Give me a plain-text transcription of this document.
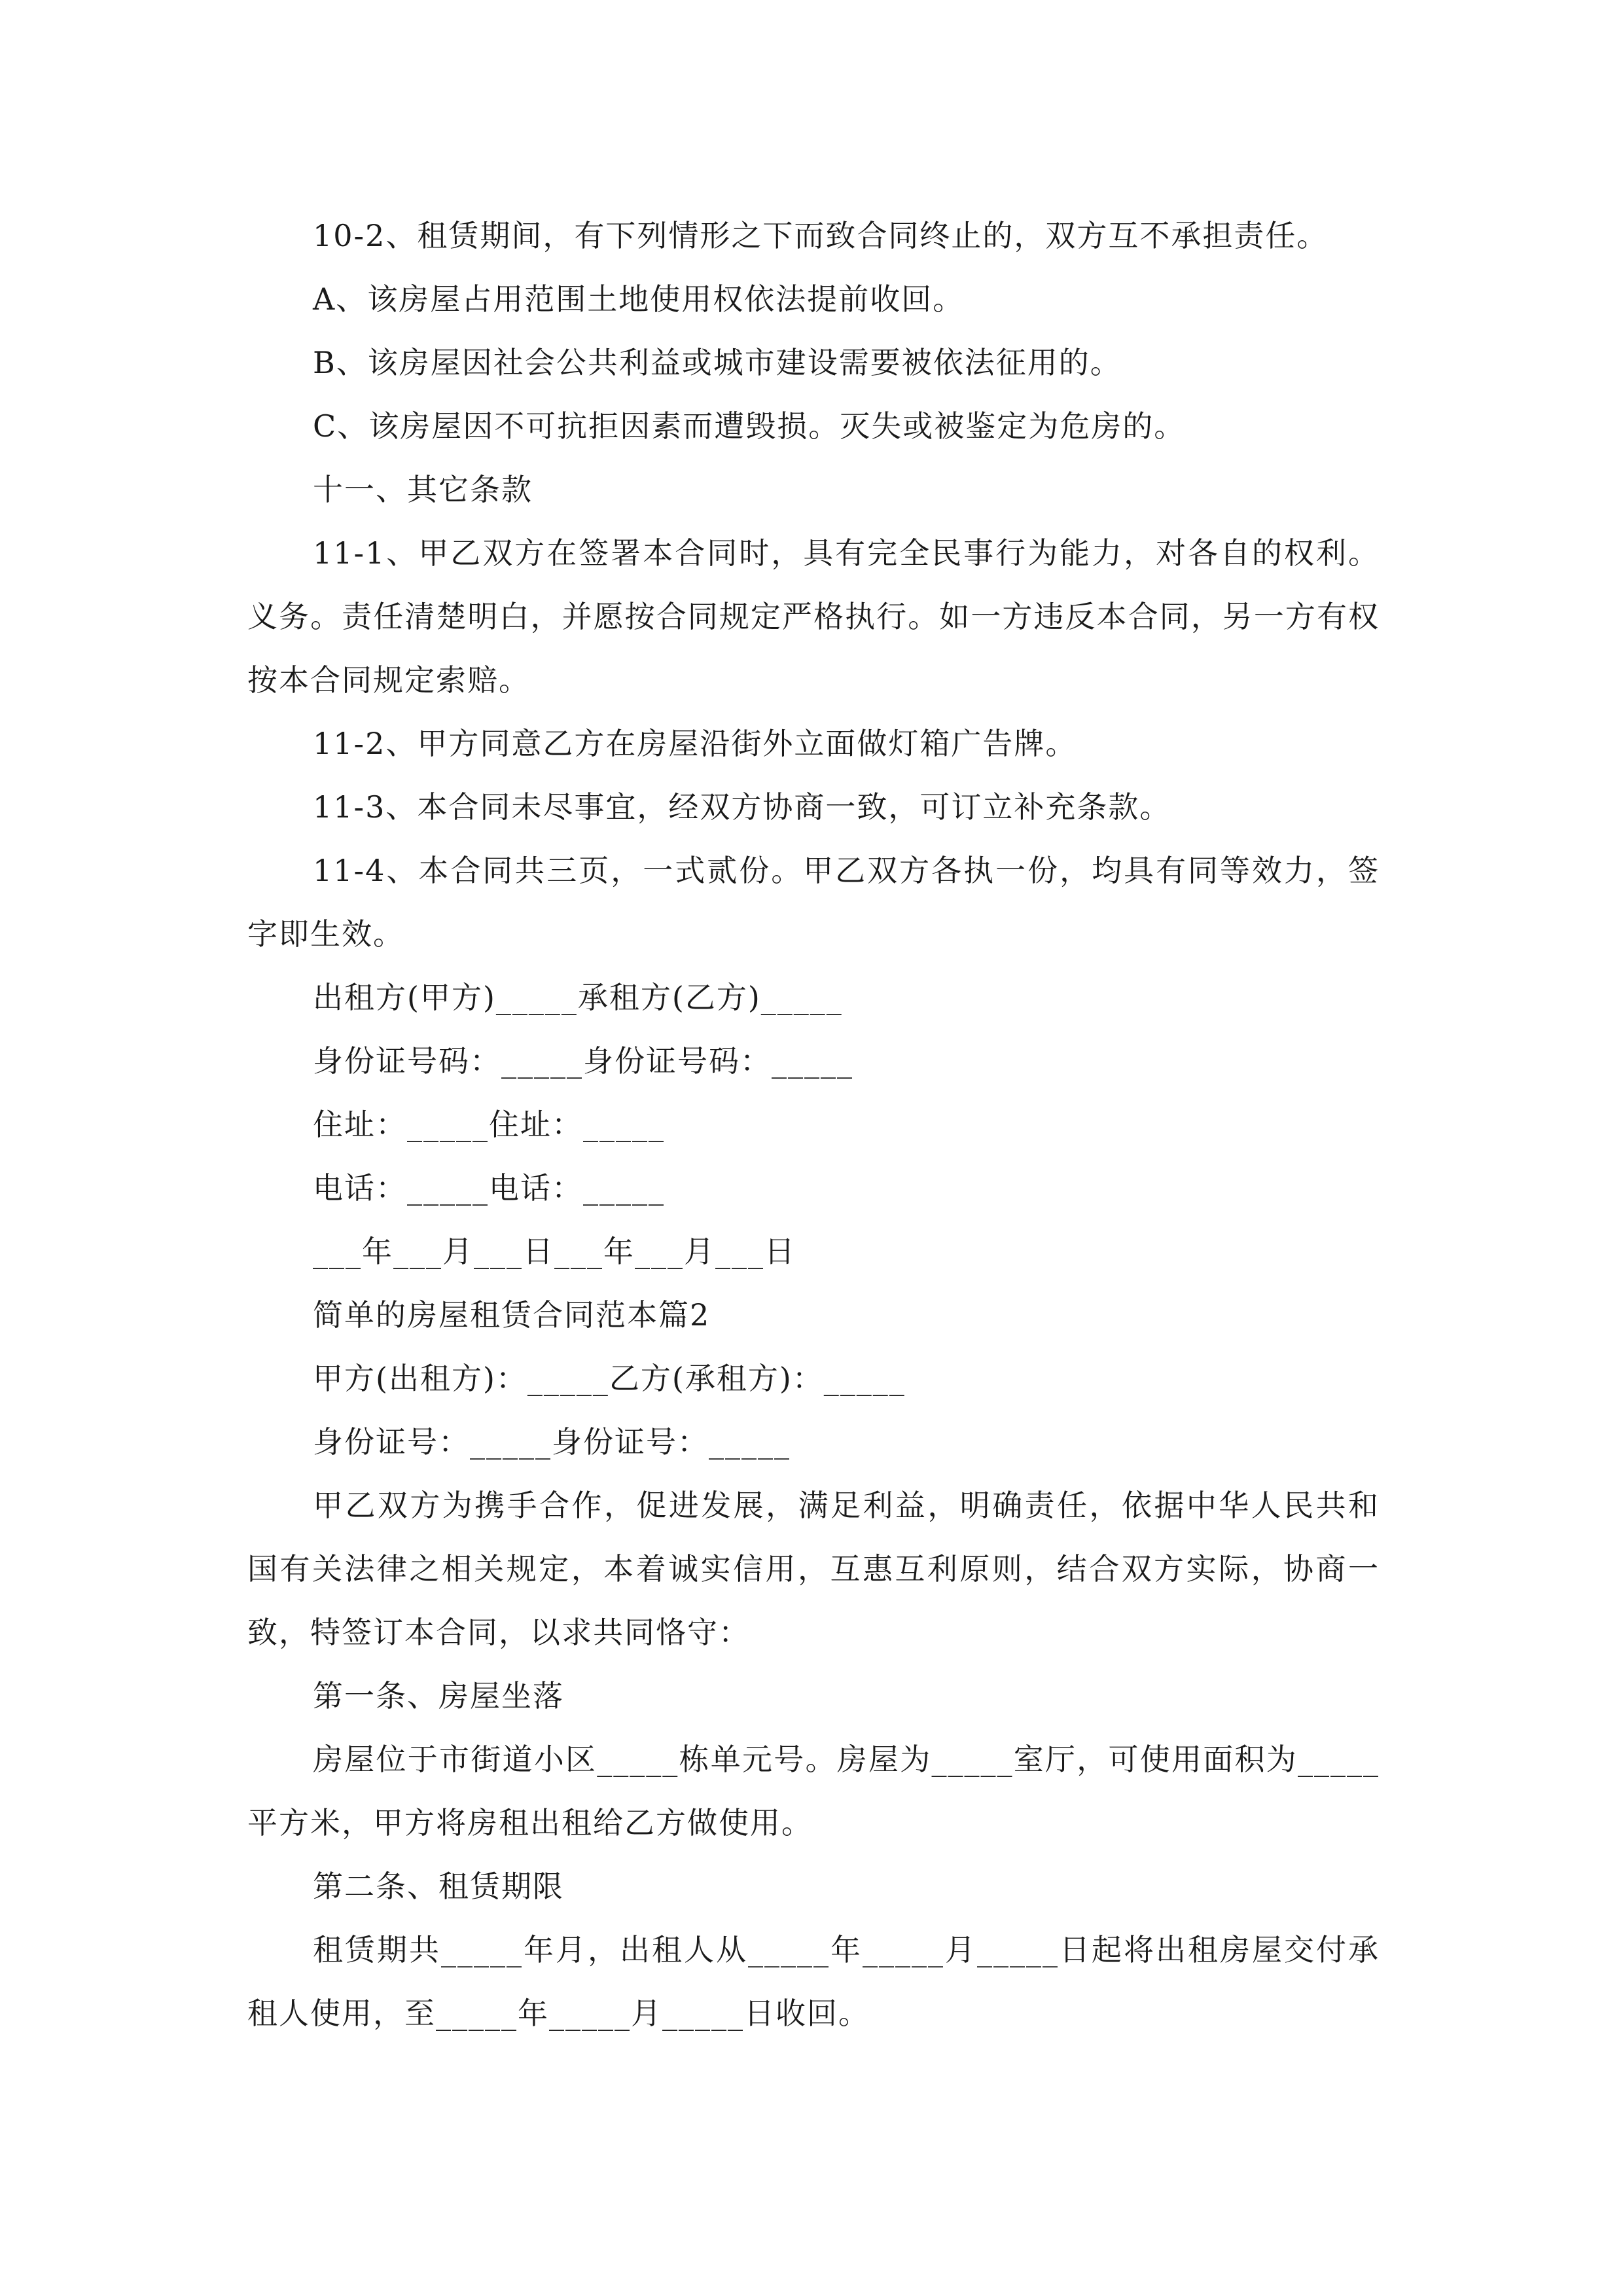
10-2、租赁期间，有下列情形之下而致合同终止的，双方互不承担责任。

A、该房屋占用范围土地使用权依法提前收回。

B、该房屋因社会公共利益或城市建设需要被依法征用的。

C、该房屋因不可抗拒因素而遭毁损。灭失或被鉴定为危房的。

十一、其它条款

11-1、甲乙双方在签署本合同时，具有完全民事行为能力，对各自的权利。义务。责任清楚明白，并愿按合同规定严格执行。如一方违反本合同，另一方有权按本合同规定索赔。

11-2、甲方同意乙方在房屋沿街外立面做灯箱广告牌。

11-3、本合同未尽事宜，经双方协商一致，可订立补充条款。

11-4、本合同共三页，一式贰份。甲乙双方各执一份，均具有同等效力，签字即生效。

出租方(甲方)_____承租方(乙方)_____

身份证号码：_____身份证号码：_____

住址：_____住址：_____

电话：_____电话：_____

___年___月___日___年___月___日

简单的房屋租赁合同范本篇2

甲方(出租方)：_____乙方(承租方)：_____

身份证号：_____身份证号：_____

甲乙双方为携手合作，促进发展，满足利益，明确责任，依据中华人民共和国有关法律之相关规定，本着诚实信用，互惠互利原则，结合双方实际，协商一致，特签订本合同，以求共同恪守：

第一条、房屋坐落

房屋位于市街道小区_____栋单元号。房屋为_____室厅，可使用面积为_____平方米，甲方将房租出租给乙方做使用。

第二条、租赁期限

租赁期共_____年月，出租人从_____年_____月_____日起将出租房屋交付承租人使用，至_____年_____月_____日收回。
